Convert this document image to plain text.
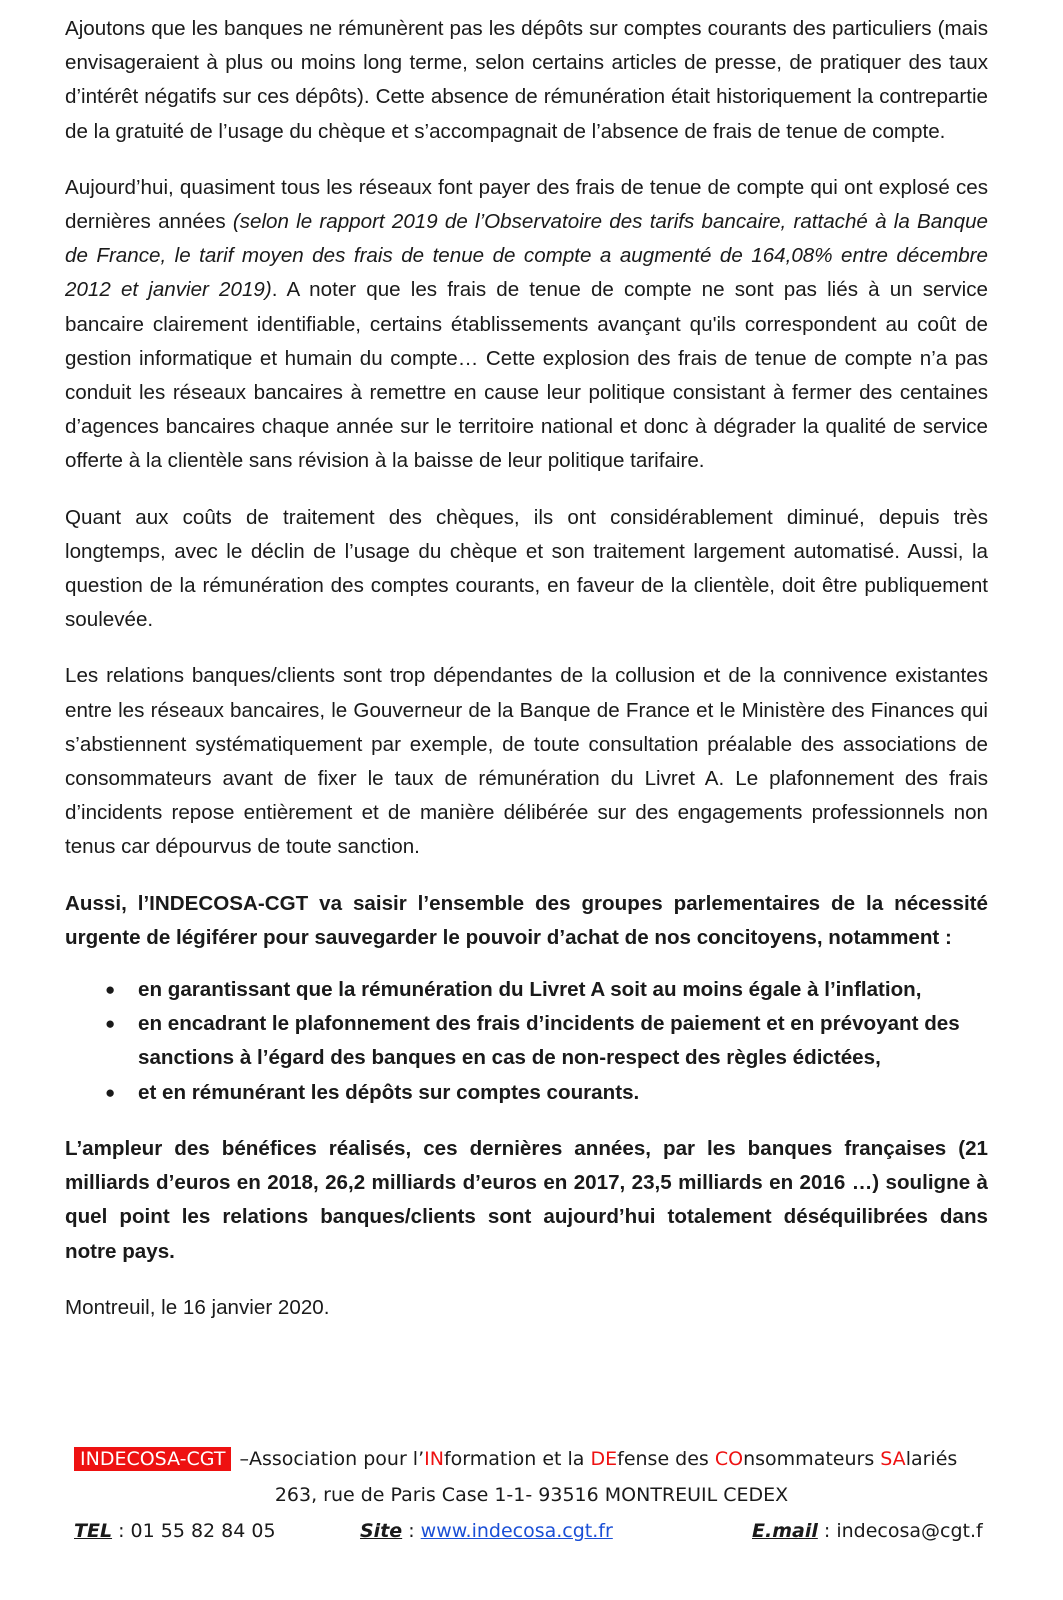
Ajoutons que les banques ne rémunèrent pas les dépôts sur comptes courants des particuliers (mais envisageraient à plus ou moins long terme, selon certains articles de presse, de pratiquer des taux d’intérêt négatifs sur ces dépôts). Cette absence de rémunération était historiquement la contrepartie de la gratuité de l’usage du chèque et s’accompagnait de l’absence de frais de tenue de compte.

Aujourd’hui, quasiment tous les réseaux font payer des frais de tenue de compte qui ont explosé ces dernières années (selon le rapport 2019 de l’Observatoire des tarifs bancaire, rattaché à la Banque de France, le tarif moyen des frais de tenue de compte a augmenté de 164,08% entre décembre 2012 et janvier 2019). A noter que les frais de tenue de compte ne sont pas liés à un service bancaire clairement identifiable, certains établissements avançant qu'ils correspondent au coût de gestion informatique et humain du compte… Cette explosion des frais de tenue de compte n’a pas conduit les réseaux bancaires à remettre en cause leur politique consistant à fermer des centaines d’agences bancaires chaque année sur le territoire national et donc à dégrader la qualité de service offerte à la clientèle sans révision à la baisse de leur politique tarifaire.

Quant aux coûts de traitement des chèques, ils ont considérablement diminué, depuis très longtemps, avec le déclin de l’usage du chèque et son traitement largement automatisé. Aussi, la question de la rémunération des comptes courants, en faveur de la clientèle, doit être publiquement soulevée.

Les relations banques/clients sont trop dépendantes de la collusion et de la connivence existantes entre les réseaux bancaires, le Gouverneur de la Banque de France et le Ministère des Finances qui s’abstiennent systématiquement par exemple, de toute consultation préalable des associations de consommateurs avant de fixer le taux de rémunération du Livret A. Le plafonnement des frais d’incidents repose entièrement et de manière délibérée sur des engagements professionnels non tenus car dépourvus de toute sanction.

Aussi, l’INDECOSA-CGT va saisir l’ensemble des groupes parlementaires de la nécessité urgente de légiférer pour sauvegarder le pouvoir d’achat de nos concitoyens, notamment :

● en garantissant que la rémunération du Livret A soit au moins égale à l’inflation,
● en encadrant le plafonnement des frais d’incidents de paiement et en prévoyant des sanctions à l’égard des banques en cas de non-respect des règles édictées,
● et en rémunérant les dépôts sur comptes courants.

L’ampleur des bénéfices réalisés, ces dernières années, par les banques françaises (21 milliards d’euros en 2018, 26,2 milliards d’euros en 2017, 23,5 milliards en 2016 …) souligne à quel point les relations banques/clients sont aujourd’hui totalement déséquilibrées dans notre pays.

Montreuil, le 16 janvier 2020.

INDECOSA-CGT –Association pour l’INformation et la DEfense des COnsommateurs SAlariés
263, rue de Paris Case 1-1- 93516 MONTREUIL CEDEX
TEL : 01 55 82 84 05	Site : www.indecosa.cgt.fr	E.mail : indecosa@cgt.f
